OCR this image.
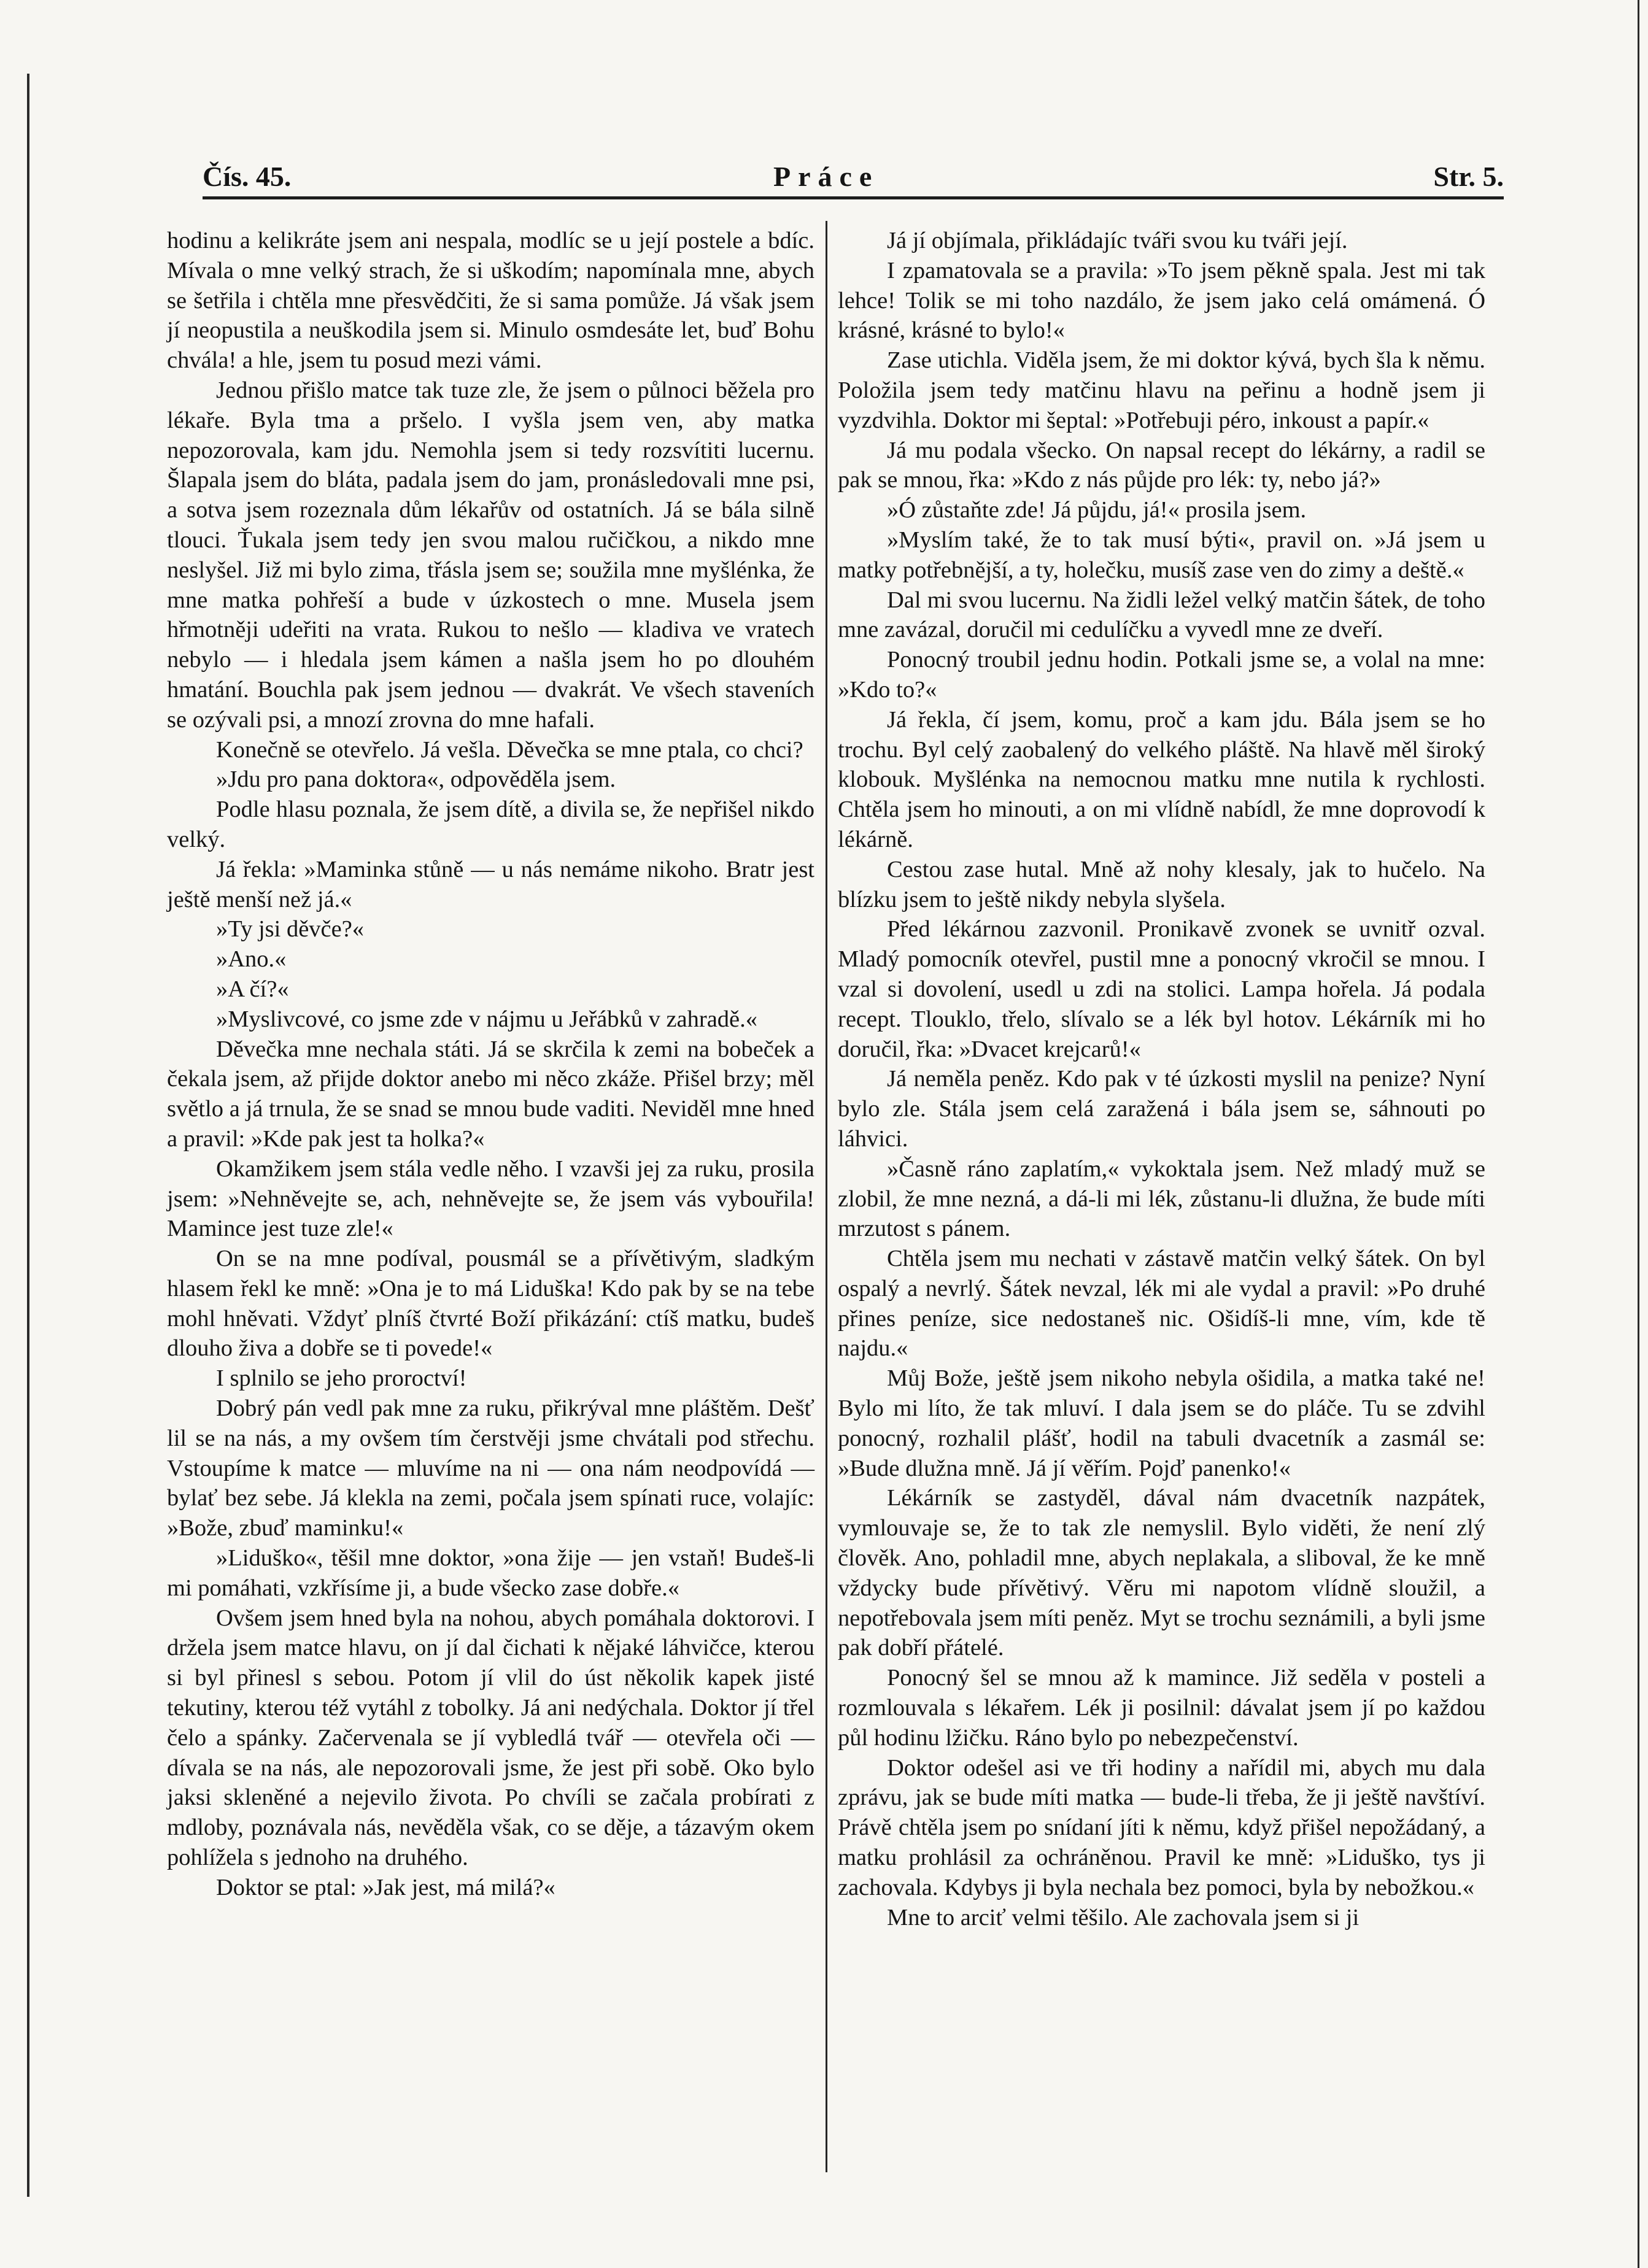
Čís. 45.	Práce	Str. 5.

hodinu a kelikráte jsem ani nespala, modlíc se u její postele a bdíc. Mívala o mne velký strach, že si uškodím; napomínala mne, abych se šetřila i chtěla mne přesvědčiti, že si sama pomůže. Já však jsem jí neopustila a neuškodila jsem si. Minulo osmdesáte let, buď Bohu chvála! a hle, jsem tu posud mezi vámi.

Jednou přišlo matce tak tuze zle, že jsem o půlnoci běžela pro lékaře. Byla tma a pršelo. I vyšla jsem ven, aby matka nepozorovala, kam jdu. Nemohla jsem si tedy rozsvítiti lucernu. Šlapala jsem do bláta, padala jsem do jam, pronásledovali mne psi, a sotva jsem rozeznala dům lékařův od ostatních. Já se bála silně tlouci. Ťukala jsem tedy jen svou malou ručičkou, a nikdo mne neslyšel. Již mi bylo zima, třásla jsem se; soužila mne myšlénka, že mne matka pohřeší a bude v úzkostech o mne. Musela jsem hřmotněji udeřiti na vrata. Rukou to nešlo — kladiva ve vratech nebylo — i hledala jsem kámen a našla jsem ho po dlouhém hmatání. Bouchla pak jsem jednou — dvakrát. Ve všech staveních se ozývali psi, a mnozí zrovna do mne hafali.

Konečně se otevřelo. Já vešla. Děvečka se mne ptala, co chci?

»Jdu pro pana doktora«, odpověděla jsem.

Podle hlasu poznala, že jsem dítě, a divila se, že nepřišel nikdo velký.

Já řekla: »Maminka stůně — u nás nemáme nikoho. Bratr jest ještě menší než já.«

»Ty jsi děvče?«

»Ano.«

»A čí?«

»Myslivcové, co jsme zde v nájmu u Jeřábků v zahradě.«

Děvečka mne nechala státi. Já se skrčila k zemi na bobeček a čekala jsem, až přijde doktor anebo mi něco zkáže. Přišel brzy; měl světlo a já trnula, že se snad se mnou bude vaditi. Neviděl mne hned a pravil: »Kde pak jest ta holka?«

Okamžikem jsem stála vedle něho. I vzavši jej za ruku, prosila jsem: »Nehněvejte se, ach, nehněvejte se, že jsem vás vybouřila! Mamince jest tuze zle!«

On se na mne podíval, pousmál se a přívětivým, sladkým hlasem řekl ke mně: »Ona je to má Liduška! Kdo pak by se na tebe mohl hněvati. Vždyť plníš čtvrté Boží přikázání: ctíš matku, budeš dlouho živa a dobře se ti povede!«

I splnilo se jeho proroctví!

Dobrý pán vedl pak mne za ruku, přikrýval mne pláštěm. Dešť lil se na nás, a my ovšem tím čerstvěji jsme chvátali pod střechu. Vstoupíme k matce — mluvíme na ni — ona nám neodpovídá — bylať bez sebe. Já klekla na zemi, počala jsem spínati ruce, volajíc: »Bože, zbuď maminku!«

»Liduško«, těšil mne doktor, »ona žije — jen vstaň! Budeš-li mi pomáhati, vzkřísíme ji, a bude všecko zase dobře.«

Ovšem jsem hned byla na nohou, abych pomáhala doktorovi. I držela jsem matce hlavu, on jí dal čichati k nějaké láhvičce, kterou si byl přinesl s sebou. Potom jí vlil do úst několik kapek jisté tekutiny, kterou též vytáhl z tobolky. Já ani nedýchala. Doktor jí třel čelo a spánky. Začervenala se jí vybledlá tvář — otevřela oči — dívala se na nás, ale nepozorovali jsme, že jest při sobě. Oko bylo jaksi skleněné a nejevilo života. Po chvíli se začala probírati z mdloby, poznávala nás, nevěděla však, co se děje, a tázavým okem pohlížela s jednoho na druhého.

Doktor se ptal: »Jak jest, má milá?«

Já jí objímala, přikládajíc tváři svou ku tváři její.

I zpamatovala se a pravila: »To jsem pěkně spala. Jest mi tak lehce! Tolik se mi toho nazdálo, že jsem jako celá omámená. Ó krásné, krásné to bylo!«

Zase utichla. Viděla jsem, že mi doktor kývá, bych šla k němu. Položila jsem tedy matčinu hlavu na peřinu a hodně jsem ji vyzdvihla. Doktor mi šeptal: »Potřebuji péro, inkoust a papír.«

Já mu podala všecko. On napsal recept do lékárny, a radil se pak se mnou, řka: »Kdo z nás půjde pro lék: ty, nebo já?»

»Ó zůstaňte zde! Já půjdu, já!« prosila jsem.

»Myslím také, že to tak musí býti«, pravil on. »Já jsem u matky potřebnější, a ty, holečku, musíš zase ven do zimy a deště.«

Dal mi svou lucernu. Na židli ležel velký matčin šátek, de toho mne zavázal, doručil mi cedulíčku a vyvedl mne ze dveří.

Ponocný troubil jednu hodin. Potkali jsme se, a volal na mne: »Kdo to?«

Já řekla, čí jsem, komu, proč a kam jdu. Bála jsem se ho trochu. Byl celý zaobalený do velkého pláště. Na hlavě měl široký klobouk. Myšlénka na nemocnou matku mne nutila k rychlosti. Chtěla jsem ho minouti, a on mi vlídně nabídl, že mne doprovodí k lékárně.

Cestou zase hutal. Mně až nohy klesaly, jak to hučelo. Na blízku jsem to ještě nikdy nebyla slyšela.

Před lékárnou zazvonil. Pronikavě zvonek se uvnitř ozval. Mladý pomocník otevřel, pustil mne a ponocný vkročil se mnou. I vzal si dovolení, usedl u zdi na stolici. Lampa hořela. Já podala recept. Tlouklo, třelo, slívalo se a lék byl hotov. Lékárník mi ho doručil, řka: »Dvacet krejcarů!«

Já neměla peněz. Kdo pak v té úzkosti myslil na penize? Nyní bylo zle. Stála jsem celá zaražená i bála jsem se, sáhnouti po láhvici.

»Časně ráno zaplatím,« vykoktala jsem. Než mladý muž se zlobil, že mne nezná, a dá-li mi lék, zůstanu-li dlužna, že bude míti mrzutost s pánem.

Chtěla jsem mu nechati v zástavě matčin velký šátek. On byl ospalý a nevrlý. Šátek nevzal, lék mi ale vydal a pravil: »Po druhé přines peníze, sice nedostaneš nic. Ošidíš-li mne, vím, kde tě najdu.«

Můj Bože, ještě jsem nikoho nebyla ošidila, a matka také ne! Bylo mi líto, že tak mluví. I dala jsem se do pláče. Tu se zdvihl ponocný, rozhalil plášť, hodil na tabuli dvacetník a zasmál se: »Bude dlužna mně. Já jí věřím. Pojď panenko!«

Lékárník se zastyděl, dával nám dvacetník nazpátek, vymlouvaje se, že to tak zle nemyslil. Bylo viděti, že není zlý člověk. Ano, pohladil mne, abych neplakala, a sliboval, že ke mně vždycky bude přívětivý. Věru mi napotom vlídně sloužil, a nepotřebovala jsem míti peněz. Myt se trochu seznámili, a byli jsme pak dobří přátelé.

Ponocný šel se mnou až k mamince. Již seděla v posteli a rozmlouvala s lékařem. Lék ji posilnil: dávalat jsem jí po každou půl hodinu lžičku. Ráno bylo po nebezpečenství.

Doktor odešel asi ve tři hodiny a nařídil mi, abych mu dala zprávu, jak se bude míti matka — bude-li třeba, že ji ještě navštíví. Právě chtěla jsem po snídaní jíti k němu, když přišel nepožádaný, a matku prohlásil za ochráněnou. Pravil ke mně: »Liduško, tys ji zachovala. Kdybys ji byla nechala bez pomoci, byla by nebožkou.«

Mne to arciť velmi těšilo. Ale zachovala jsem si ji
